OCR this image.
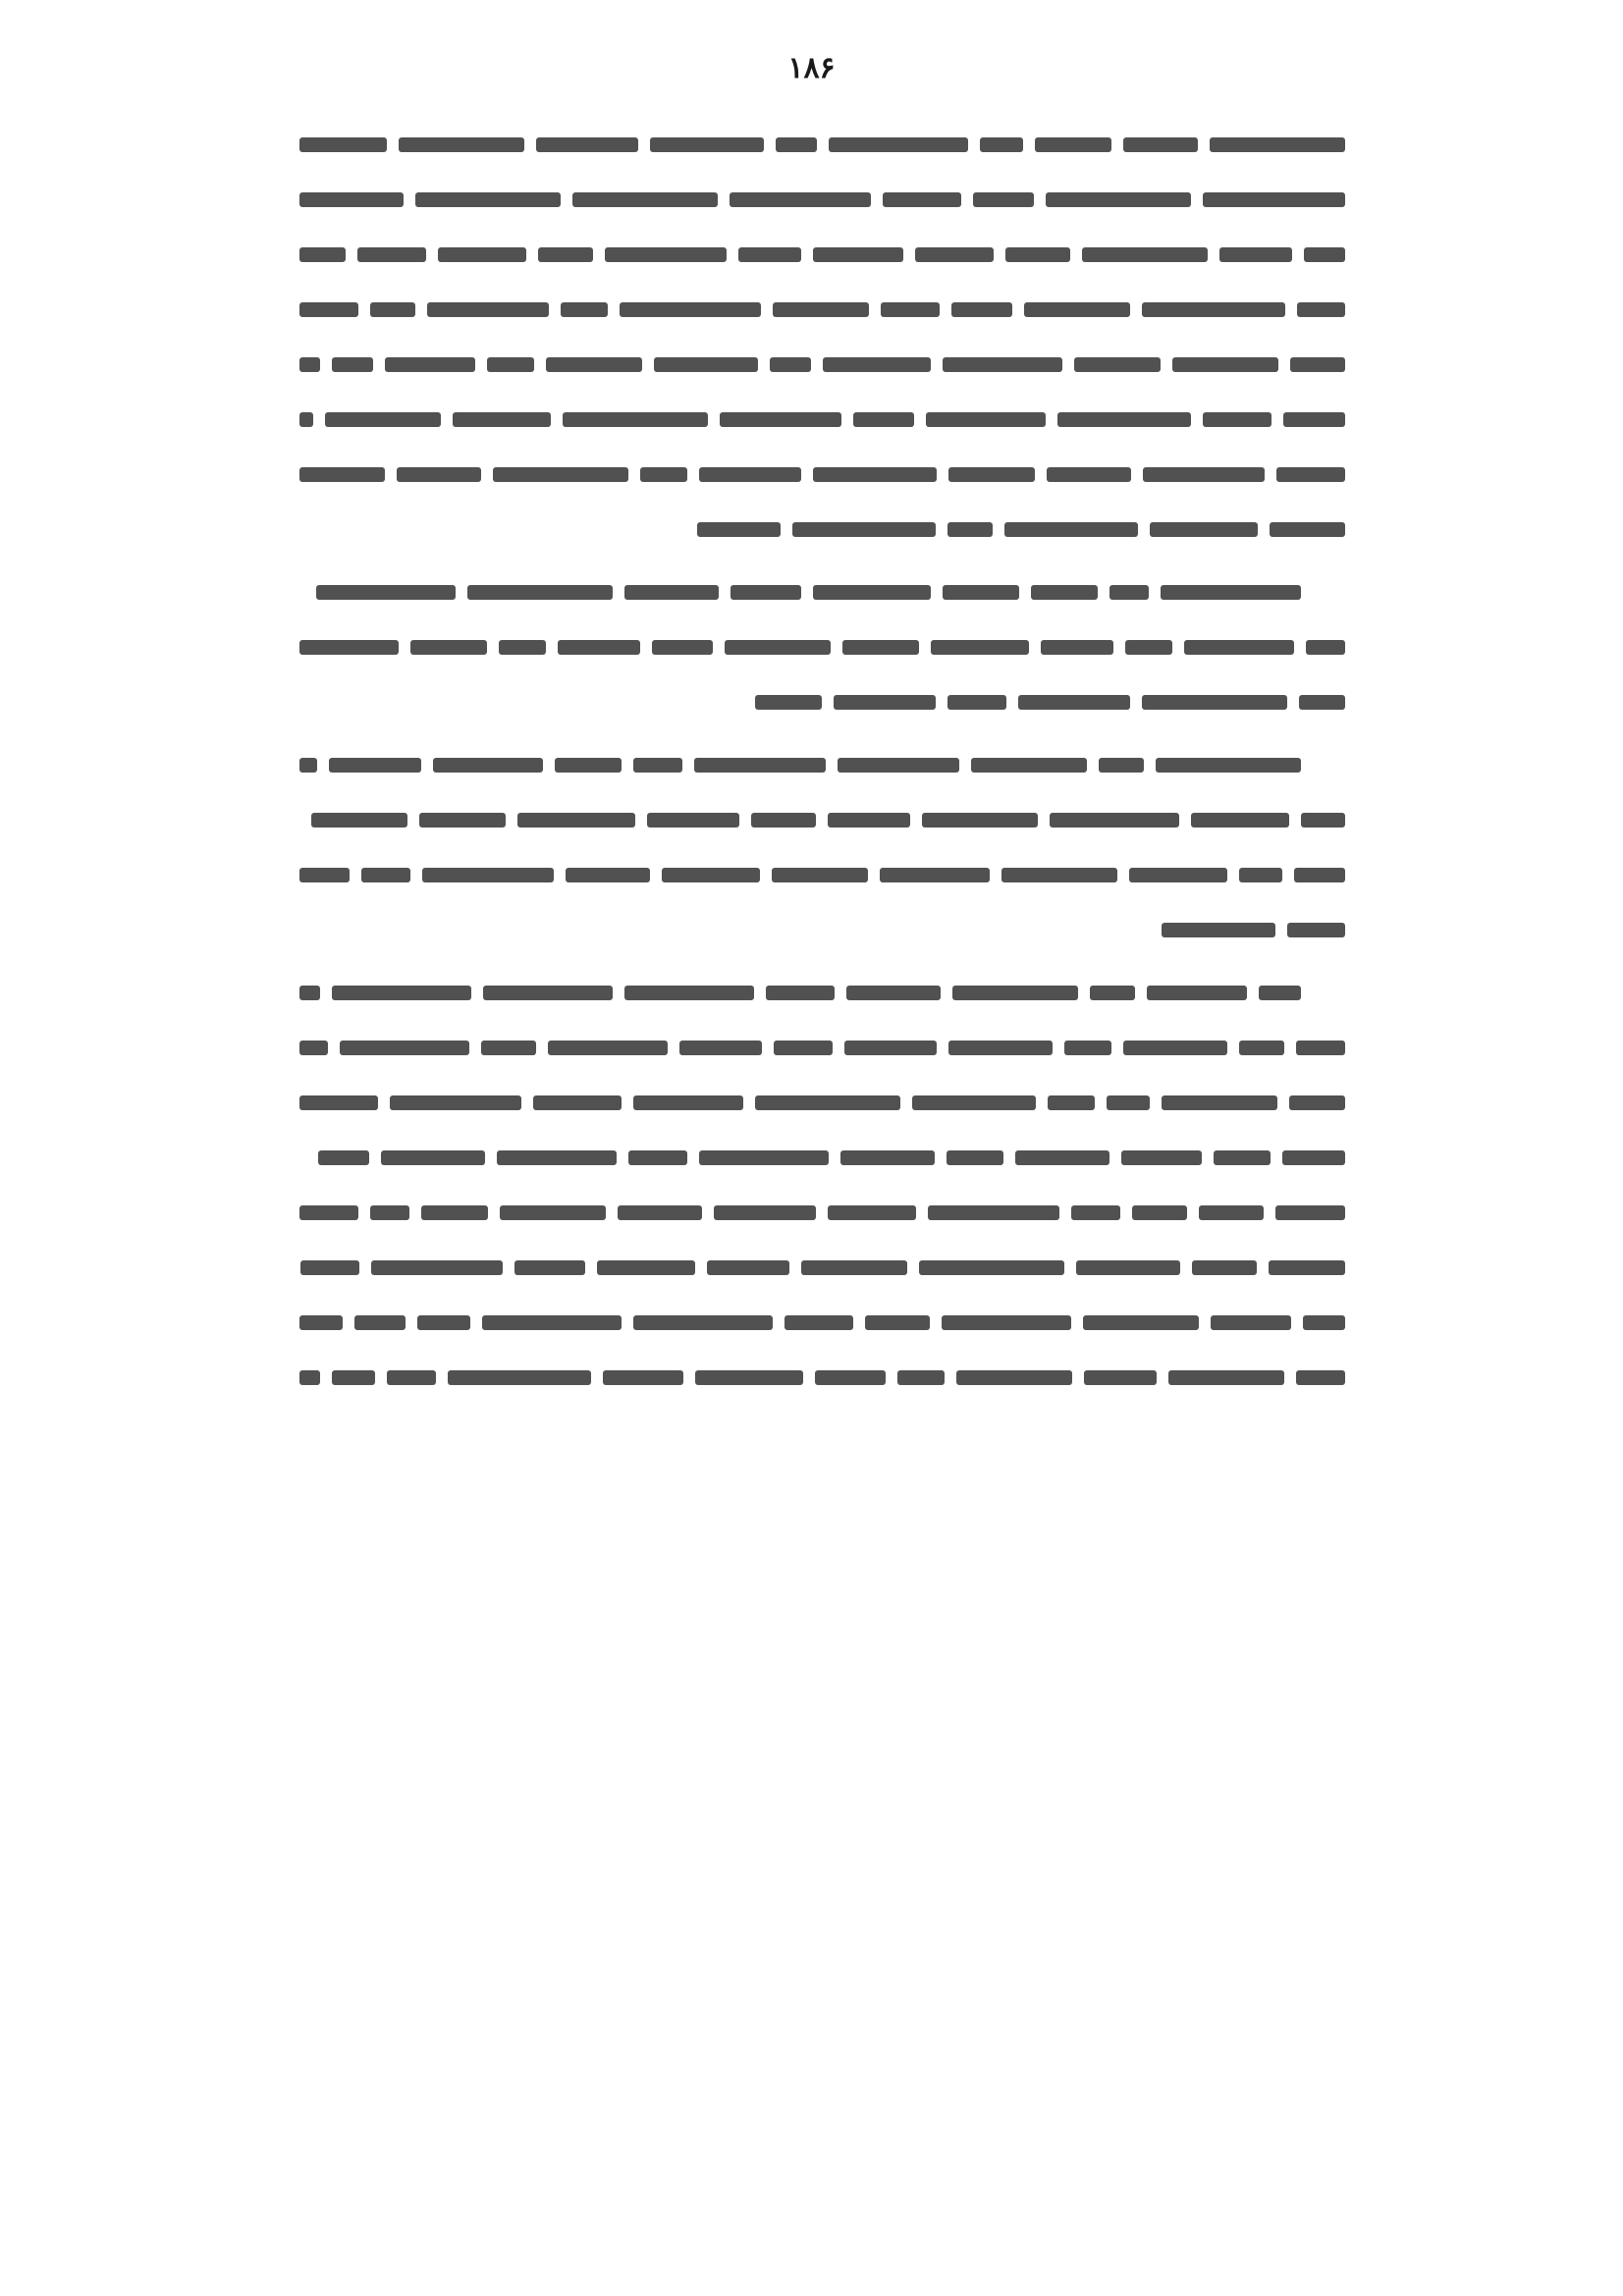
۱۸۶
